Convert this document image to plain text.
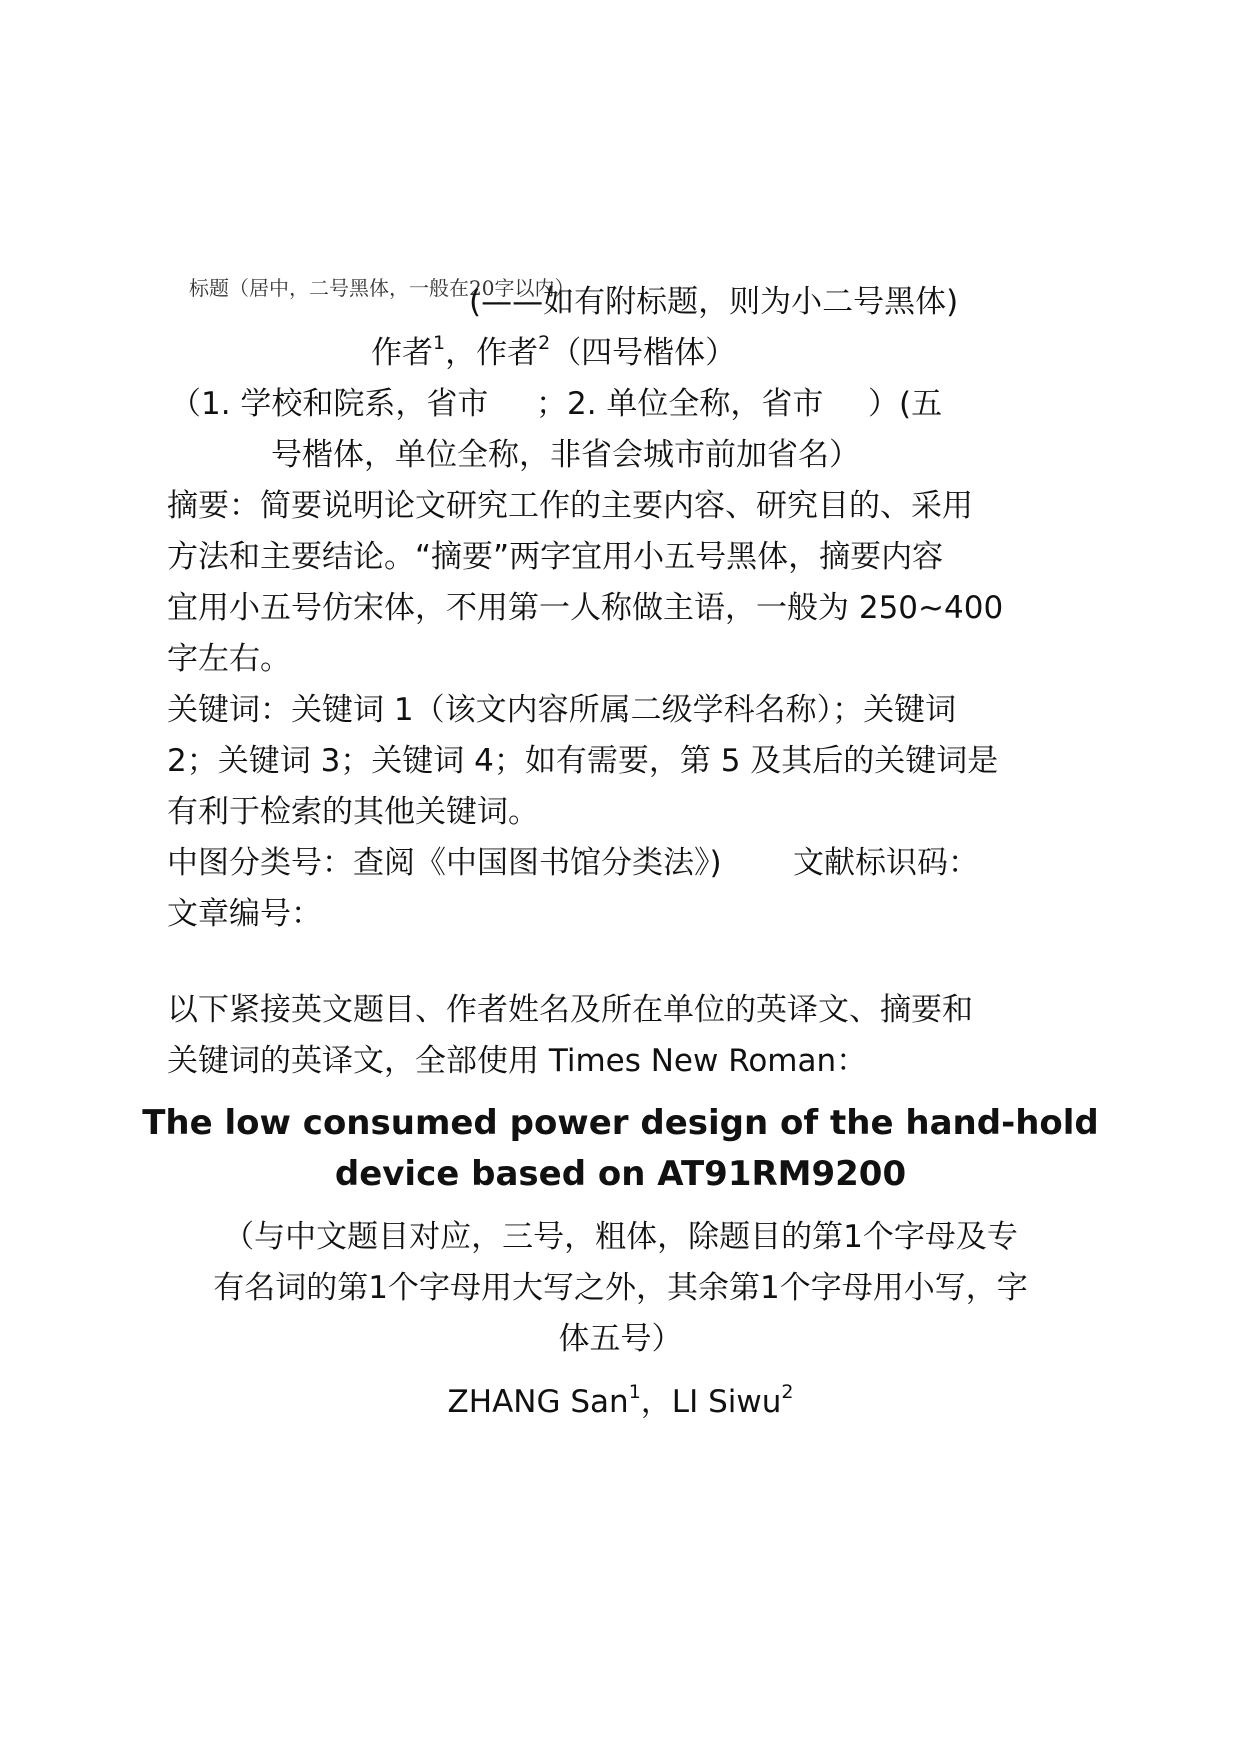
标题（居中，二号黑体，一般在20字以内）
(——如有附标题，则为小二号黑体)
作者$^1$，作者$^2$（四号楷体）
（1. 学校和院系，省市 ；2. 单位全称，省市 ）(五
号楷体，单位全称，非省会城市前加省名）
摘要：简要说明论文研究工作的主要内容、研究目的、采用
方法和主要结论。“摘要”两字宜用小五号黑体，摘要内容
宜用小五号仿宋体，不用第一人称做主语，一般为 250~400
字左右。
关键词：关键词 1（该文内容所属二级学科名称）；关键词
2；关键词 3；关键词 4；如有需要，第 5 及其后的关键词是
有利于检索的其他关键词。
中图分类号：查阅《中国图书馆分类法》) 文献标识码：
文章编号：
以下紧接英文题目、作者姓名及所在单位的英译文、摘要和
关键词的英译文，全部使用 Times New Roman：
The low consumed power design of the hand-hold
device based on AT91RM9200
（与中文题目对应，三号，粗体，除题目的第1个字母及专
有名词的第1个字母用大写之外，其余第1个字母用小写，字
体五号）
ZHANG San$^1$，LI Siwu$^2$
